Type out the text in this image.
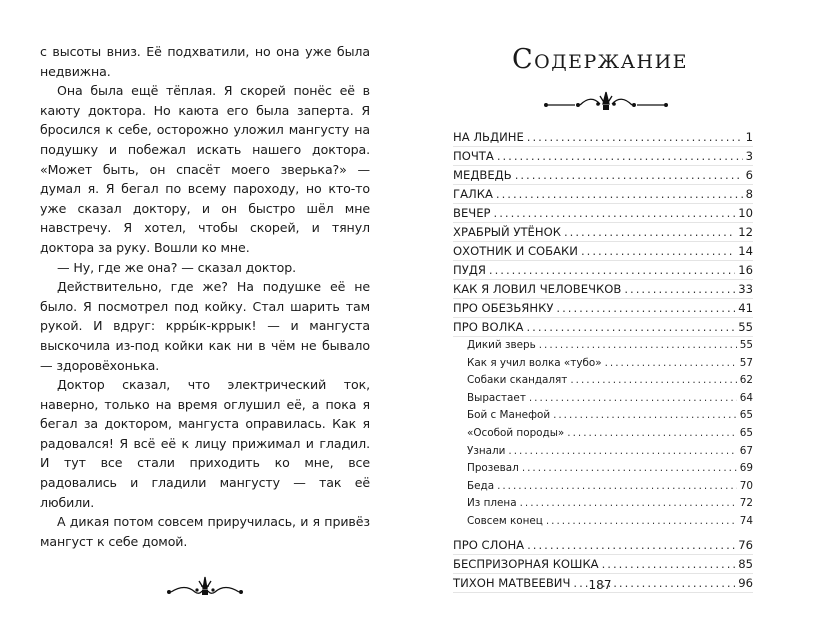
с высоты вниз. Её подхватили, но она уже была недвижна.

Она была ещё тёплая. Я скорей понёс её в каюту доктора. Но каюта его была заперта. Я бросился к себе, осторожно уложил мангусту на подушку и побежал искать нашего доктора. «Может быть, он спасёт моего зверька?» — думал я. Я бегал по всему пароходу, но кто-то уже сказал доктору, и он быстро шёл мне навстречу. Я хотел, чтобы скорей, и тянул доктора за руку. Вошли ко мне.

— Ну, где же она? — сказал доктор.

Действительно, где же? На подушке её не было. Я посмотрел под койку. Стал шарить там рукой. И вдруг: крры́к-кррык! — и мангуста выскочила из-под койки как ни в чём не бывало — здоровёхонька.

Доктор сказал, что электрический ток, наверно, только на время оглушил её, а пока я бегал за доктором, мангуста оправилась. Как я радовался! Я всё её к лицу прижимал и гладил. И тут все стали приходить ко мне, все радовались и гладили мангусту — так её любили.

А дикая потом совсем приручилась, и я привёз мангуст к себе домой.

Содержание
НА ЛЬДИНЕ .....	1
ПОЧТА .....	3
МЕДВЕДЬ .....	6
ГАЛКА .....	8
ВЕЧЕР .....	10
ХРАБРЫЙ УТЁНОК .....	12
ОХОТНИК И СОБАКИ .....	14
ПУДЯ .....	16
КАК Я ЛОВИЛ ЧЕЛОВЕЧКОВ .....	33
ПРО ОБЕЗЬЯНКУ .....	41
ПРО ВОЛКА .....	55
Дикий зверь .....	55
Как я учил волка «тубо» .....	57
Собаки скандалят .....	62
Вырастает .....	64
Бой с Манефой .....	65
«Особой породы» .....	65
Узнали .....	67
Прозевал .....	69
Беда .....	70
Из плена .....	72
Совсем конец .....	74
ПРО СЛОНА .....	76
БЕСПРИЗОРНАЯ КОШКА .....	85
ТИХОН МАТВЕЕВИЧ .....	96
187
